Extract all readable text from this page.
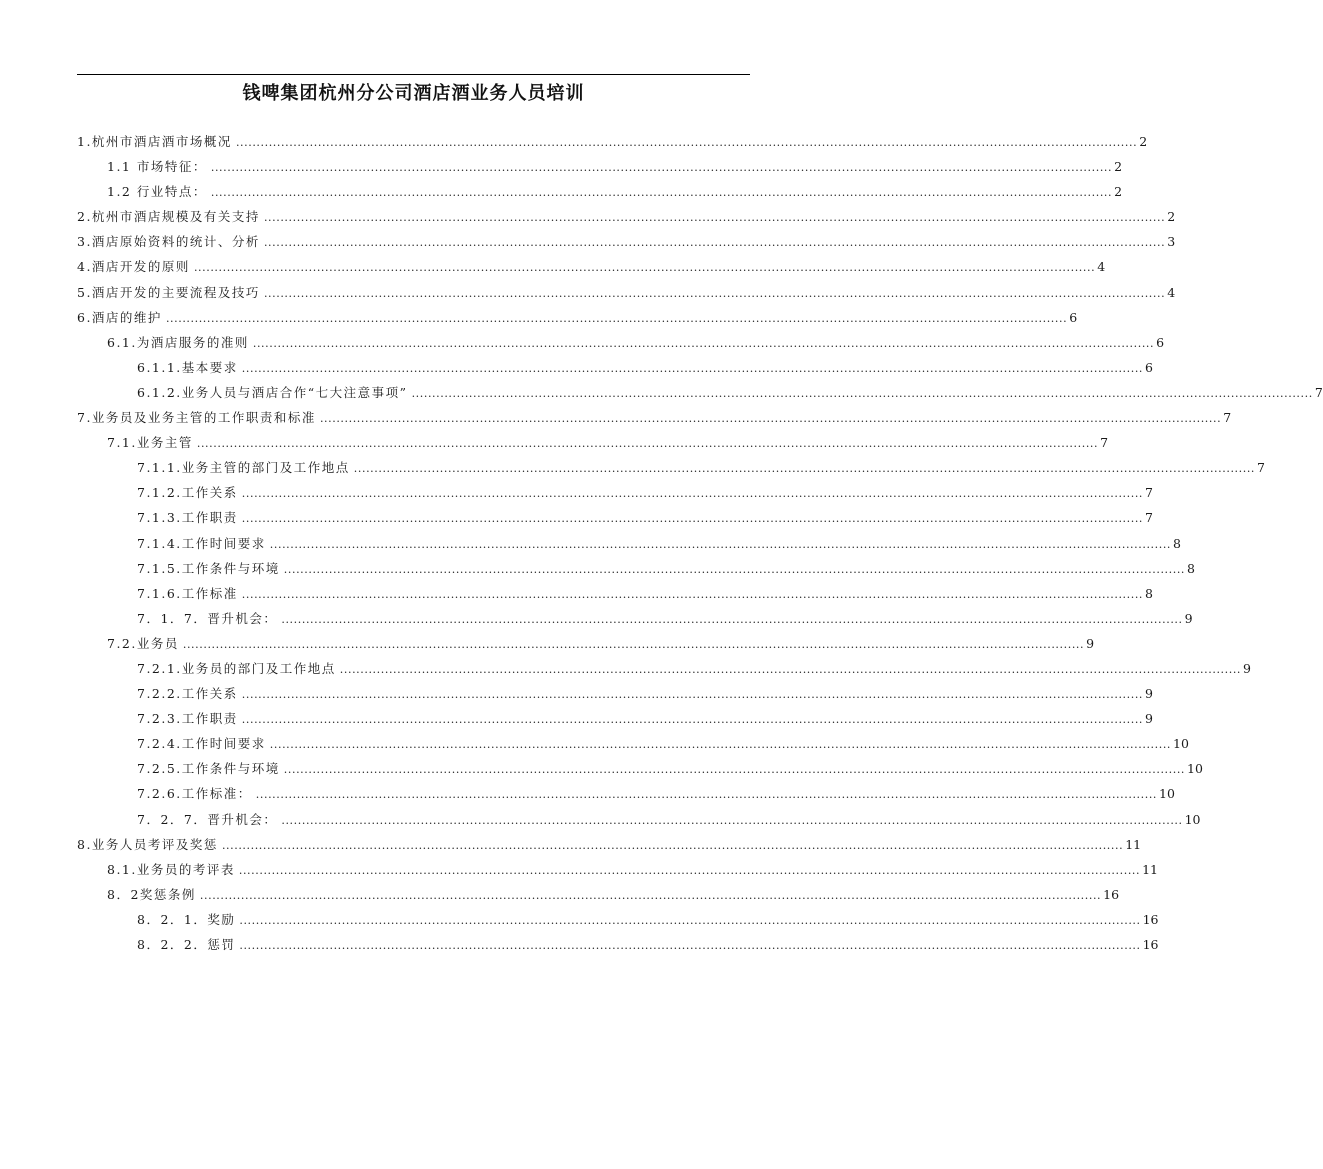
钱啤集团杭州分公司酒店酒业务人员培训
1.杭州市酒店酒市场概况 ............................................................................................................................................................................................................................ 2
1.1 市场特征： ............................................................................................................................................................................................................................ 2
1.2 行业特点： ............................................................................................................................................................................................................................ 2
2.杭州市酒店规模及有关支持 ............................................................................................................................................................................................................................ 2
3.酒店原始资料的统计、分析 ............................................................................................................................................................................................................................ 3
4.酒店开发的原则 ............................................................................................................................................................................................................................ 4
5.酒店开发的主要流程及技巧 ............................................................................................................................................................................................................................ 4
6.酒店的维护 ............................................................................................................................................................................................................................ 6
6.1.为酒店服务的准则 ............................................................................................................................................................................................................................ 6
6.1.1.基本要求 ............................................................................................................................................................................................................................ 6
6.1.2.业务人员与酒店合作“七大注意事项” ............................................................................................................................................................................................................................ 7
7.业务员及业务主管的工作职责和标准 ............................................................................................................................................................................................................................ 7
7.1.业务主管 ............................................................................................................................................................................................................................ 7
7.1.1.业务主管的部门及工作地点 ............................................................................................................................................................................................................................ 7
7.1.2.工作关系 ............................................................................................................................................................................................................................ 7
7.1.3.工作职责 ............................................................................................................................................................................................................................ 7
7.1.4.工作时间要求 ............................................................................................................................................................................................................................ 8
7.1.5.工作条件与环境 ............................................................................................................................................................................................................................ 8
7.1.6.工作标准 ............................................................................................................................................................................................................................ 8
7．1．7．晋升机会： ............................................................................................................................................................................................................................ 9
7.2.业务员 ............................................................................................................................................................................................................................ 9
7.2.1.业务员的部门及工作地点 ............................................................................................................................................................................................................................ 9
7.2.2.工作关系 ............................................................................................................................................................................................................................ 9
7.2.3.工作职责 ............................................................................................................................................................................................................................ 9
7.2.4.工作时间要求 ............................................................................................................................................................................................................................ 10
7.2.5.工作条件与环境 ............................................................................................................................................................................................................................ 10
7.2.6.工作标准： ............................................................................................................................................................................................................................ 10
7．2．7．晋升机会： ............................................................................................................................................................................................................................ 10
8.业务人员考评及奖惩 ............................................................................................................................................................................................................................ 11
8.1.业务员的考评表 ............................................................................................................................................................................................................................ 11
8．2奖惩条例 ............................................................................................................................................................................................................................ 16
8．2．1．奖励 ............................................................................................................................................................................................................................ 16
8．2．2．惩罚 ............................................................................................................................................................................................................................ 16
